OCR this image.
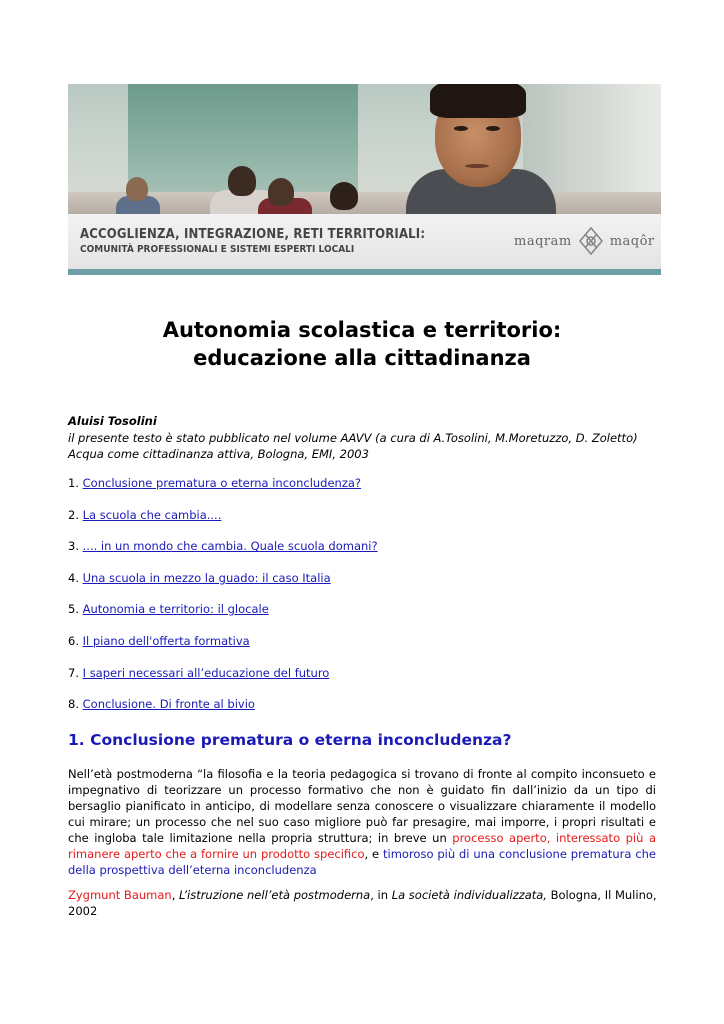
ACCOGLIENZA, INTEGRAZIONE, RETI TERRITORIALI:
COMUNITÀ PROFESSIONALI E SISTEMI ESPERTI LOCALI
maqram	maqôr
Autonomia scolastica e territorio:
educazione alla cittadinanza
Aluisi Tosolini
il presente testo è stato pubblicato nel volume AAVV (a cura di A.Tosolini, M.Moretuzzo, D. Zoletto) Acqua come cittadinanza attiva, Bologna, EMI, 2003
1. Conclusione prematura o eterna inconcludenza?
2. La scuola che cambia....
3. .... in un mondo che cambia. Quale scuola domani?
4. Una scuola in mezzo la guado: il caso Italia
5. Autonomia e territorio: il glocale
6. Il piano dell'offerta formativa
7. I saperi necessari all’educazione del futuro
8. Conclusione. Di fronte al bivio
1. Conclusione prematura o eterna inconcludenza?
Nell’età postmoderna “la filosofia e la teoria pedagogica si trovano di fronte al compito inconsueto e impegnativo di teorizzare un processo formativo che non è guidato fin dall’inizio da un tipo di bersaglio pianificato in anticipo, di modellare senza conoscere o visualizzare chiaramente il modello cui mirare; un processo che nel suo caso migliore può far presagire, mai imporre, i propri risultati e che ingloba tale limitazione nella propria struttura; in breve un processo aperto, interessato più a rimanere aperto che a fornire un prodotto specifico, e timoroso più di una conclusione prematura che della prospettiva dell’eterna inconcludenza
Zygmunt Bauman, L’istruzione nell’età postmoderna, in La società individualizzata, Bologna, Il Mulino, 2002
